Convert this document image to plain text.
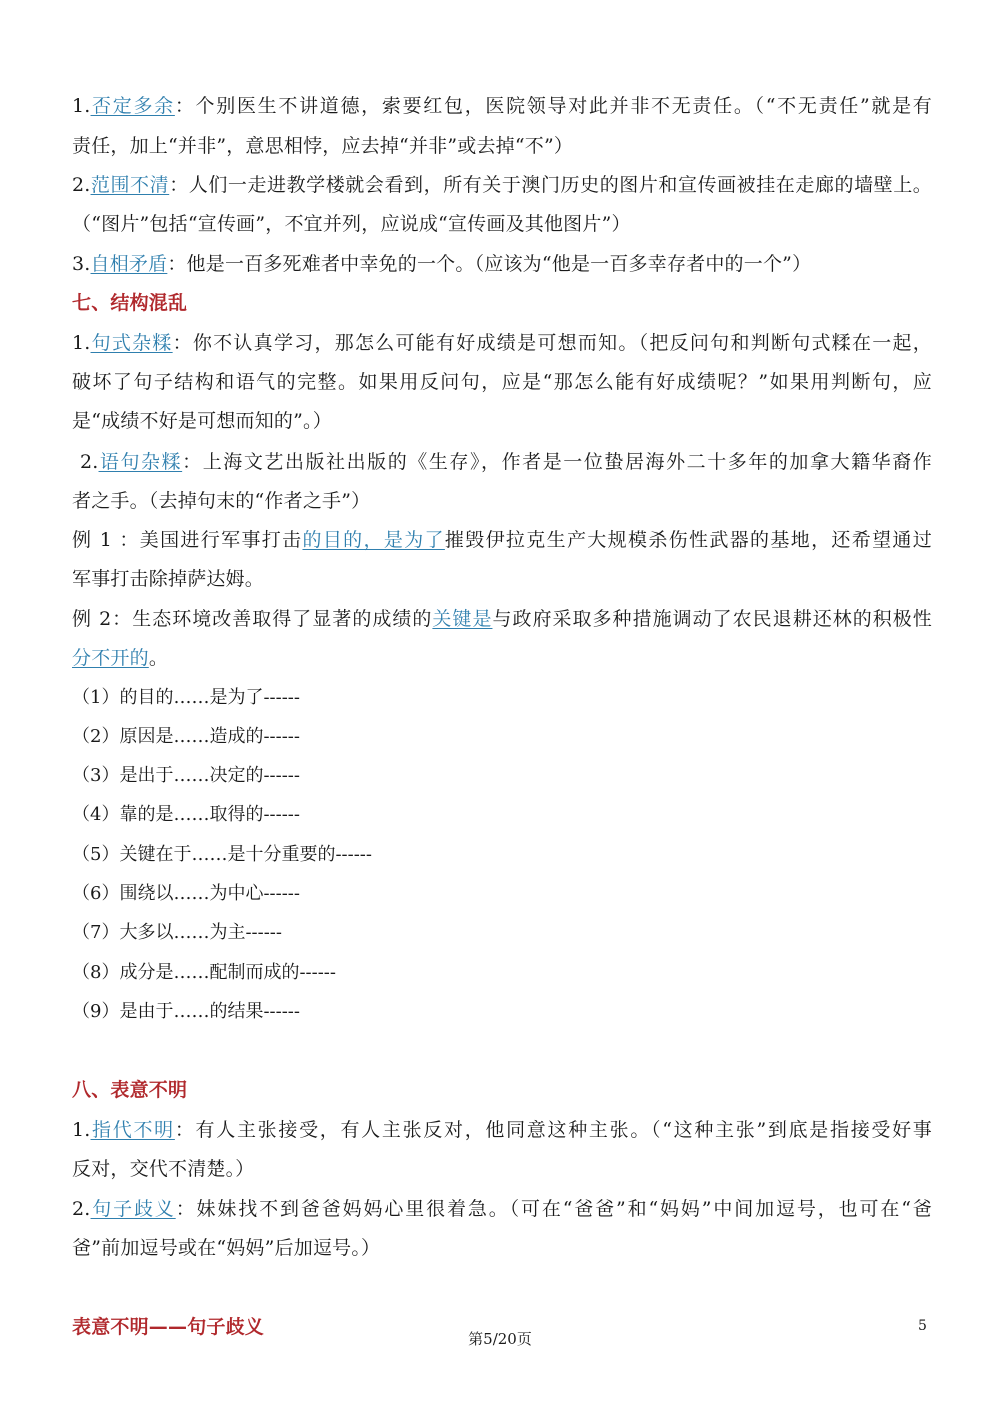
1.否定多余：个别医生不讲道德，索要红包，医院领导对此并非不无责任。（“不无责任”就是有
责任，加上“并非”，意思相悖，应去掉“并非”或去掉“不”）
2.范围不清：人们一走进教学楼就会看到，所有关于澳门历史的图片和宣传画被挂在走廊的墙壁上。
（“图片”包括“宣传画”，不宜并列，应说成“宣传画及其他图片”）
3.自相矛盾：他是一百多死难者中幸免的一个。（应该为“他是一百多幸存者中的一个”）
七、结构混乱
1.句式杂糅：你不认真学习，那怎么可能有好成绩是可想而知。（把反问句和判断句式糅在一起，
破坏了句子结构和语气的完整。如果用反问句，应是“那怎么能有好成绩呢？”如果用判断句，应
是“成绩不好是可想而知的”。）
2.语句杂糅：上海文艺出版社出版的《生存》，作者是一位蛰居海外二十多年的加拿大籍华裔作
者之手。（去掉句末的“作者之手”）
例 1 ：美国进行军事打击的目的，是为了摧毁伊拉克生产大规模杀伤性武器的基地，还希望通过
军事打击除掉萨达姆。
例 2：生态环境改善取得了显著的成绩的关键是与政府采取多种措施调动了农民退耕还林的积极性
分不开的。
（1）的目的……是为了------
（2）原因是……造成的------
（3）是出于……决定的------
（4）靠的是……取得的------
（5）关键在于……是十分重要的------
（6）围绕以……为中心------
（7）大多以……为主------
（8）成分是……配制而成的------
（9）是由于……的结果------
八、表意不明
1.指代不明：有人主张接受，有人主张反对，他同意这种主张。（“这种主张”到底是指接受好事
反对，交代不清楚。）
2.句子歧义：妹妹找不到爸爸妈妈心里很着急。（可在“爸爸”和“妈妈”中间加逗号，也可在“爸
爸”前加逗号或在“妈妈”后加逗号。）
表意不明——句子歧义	5
第5/20页
